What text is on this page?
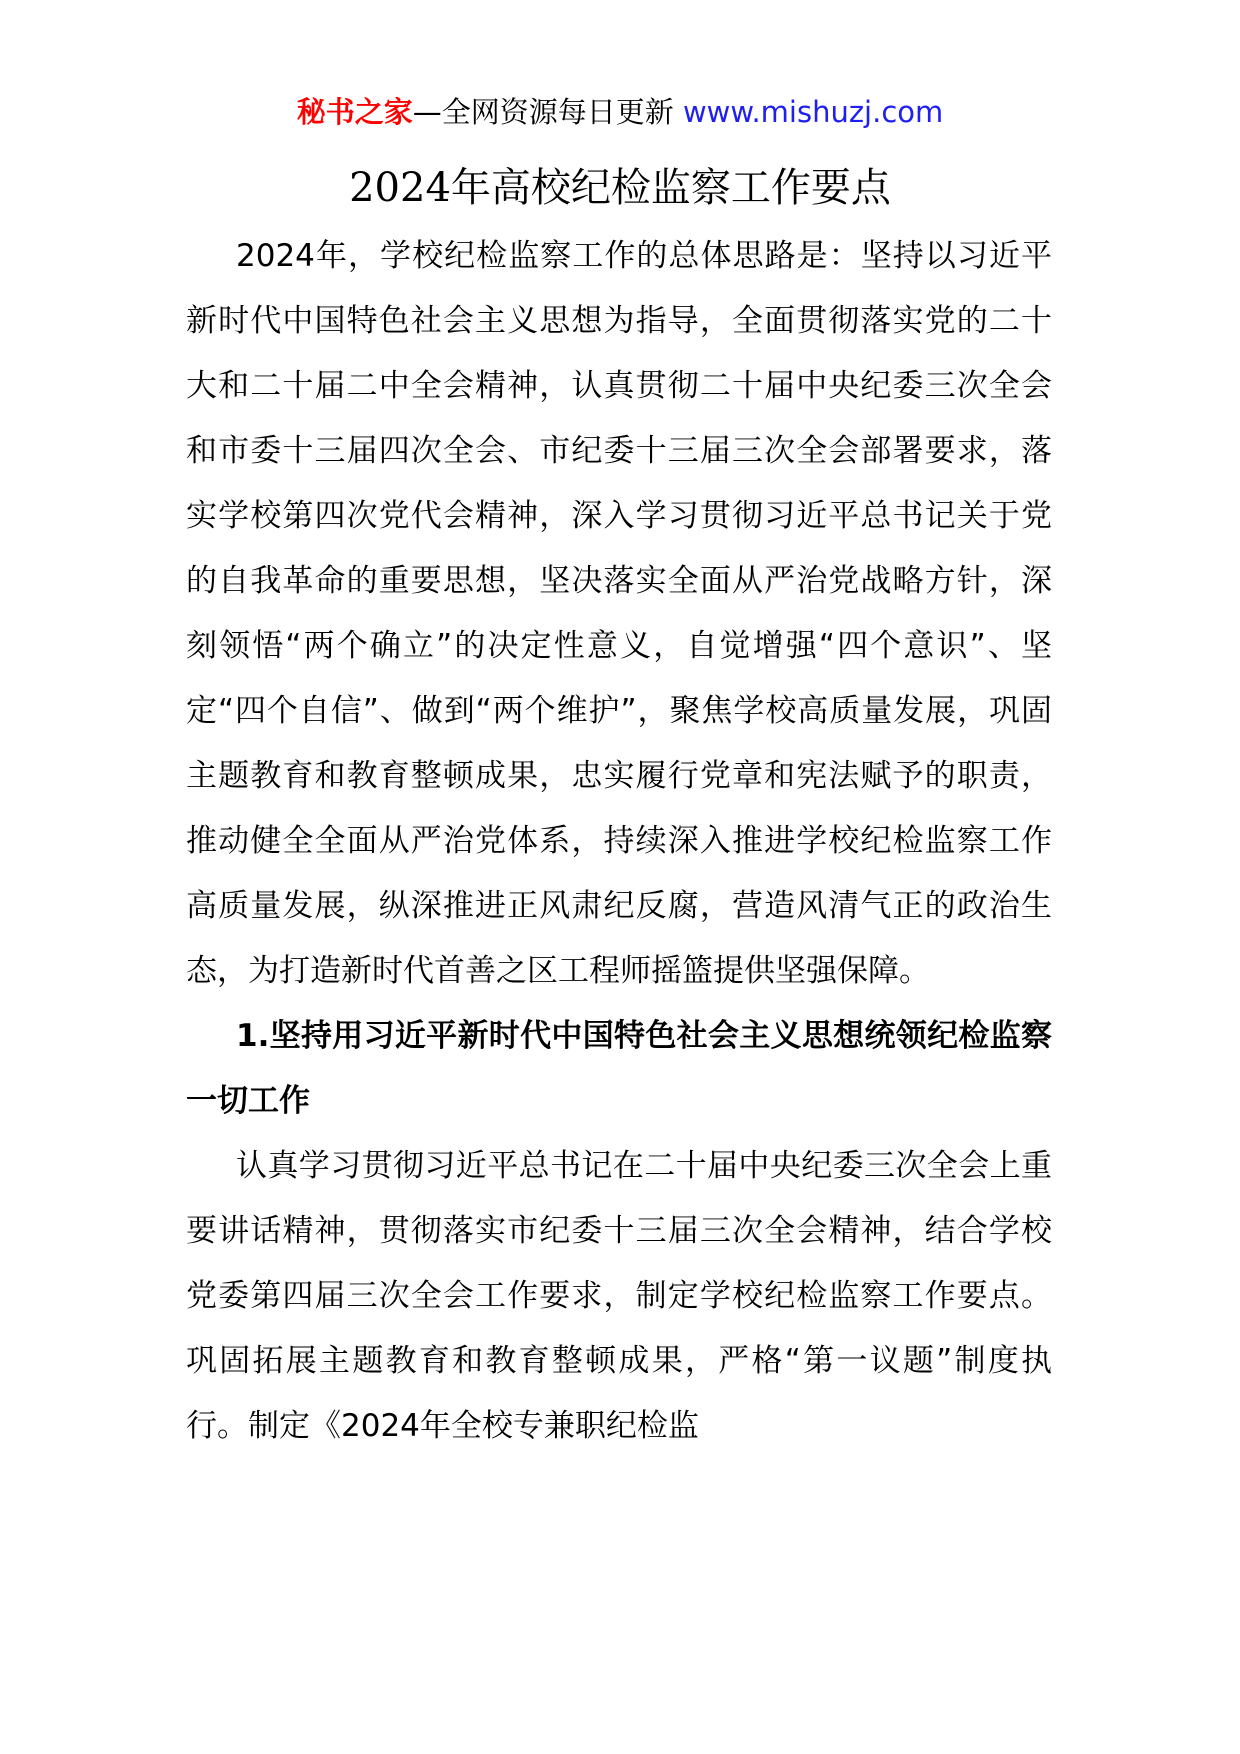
秘书之家—全网资源每日更新 www.mishuzj.com
2024年高校纪检监察工作要点

2024年，学校纪检监察工作的总体思路是：坚持以习近平新时代中国特色社会主义思想为指导，全面贯彻落实党的二十大和二十届二中全会精神，认真贯彻二十届中央纪委三次全会和市委十三届四次全会、市纪委十三届三次全会部署要求，落实学校第四次党代会精神，深入学习贯彻习近平总书记关于党的自我革命的重要思想，坚决落实全面从严治党战略方针，深刻领悟“两个确立”的决定性意义，自觉增强“四个意识”、坚定“四个自信”、做到“两个维护”，聚焦学校高质量发展，巩固主题教育和教育整顿成果，忠实履行党章和宪法赋予的职责，推动健全全面从严治党体系，持续深入推进学校纪检监察工作高质量发展，纵深推进正风肃纪反腐，营造风清气正的政治生态，为打造新时代首善之区工程师摇篮提供坚强保障。

1.坚持用习近平新时代中国特色社会主义思想统领纪检监察一切工作

认真学习贯彻习近平总书记在二十届中央纪委三次全会上重要讲话精神，贯彻落实市纪委十三届三次全会精神，结合学校党委第四届三次全会工作要求，制定学校纪检监察工作要点。巩固拓展主题教育和教育整顿成果，严格“第一议题”制度执行。制定《2024年全校专兼职纪检监
